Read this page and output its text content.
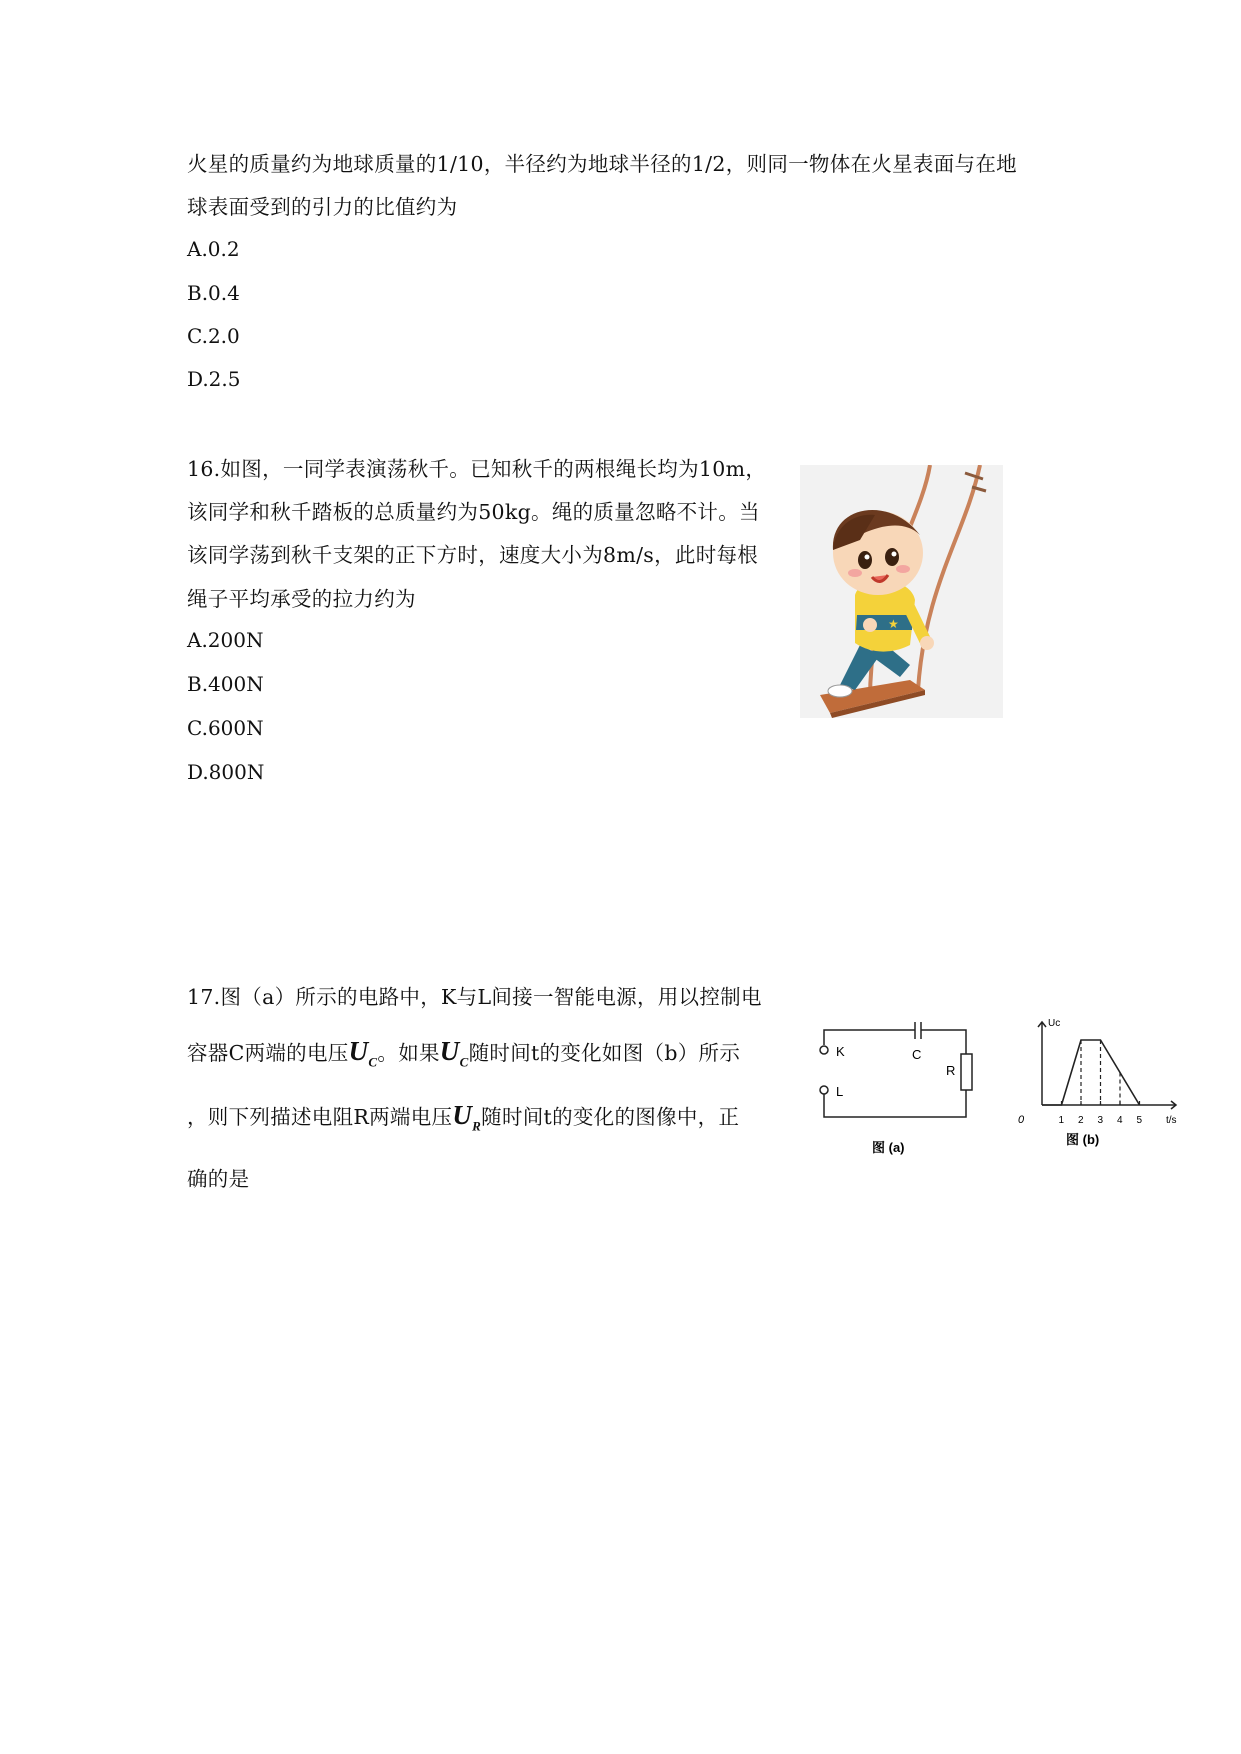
火星的质量约为地球质量的1/10，半径约为地球半径的1/2，则同一物体在火星表面与在地
球表面受到的引力的比值约为
A.0.2
B.0.4
C.2.0
D.2.5
16.如图，一同学表演荡秋千。已知秋千的两根绳长均为10m，
该同学和秋千踏板的总质量约为50kg。绳的质量忽略不计。当
该同学荡到秋千支架的正下方时，速度大小为8m/s，此时每根
绳子平均承受的拉力约为
A.200N
B.400N
C.600N
D.800N
★
17.图（a）所示的电路中，K与L间接一智能电源，用以控制电
容器C两端的电压$U_C$。如果$U_C$随时间t的变化如图（b）所示
，则下列描述电阻R两端电压$U_R$随时间t的变化的图像中，正
确的是
K
L
C
R
图 (a)
1 2 3 4 5
Uc
t/s
0
图 (b)
